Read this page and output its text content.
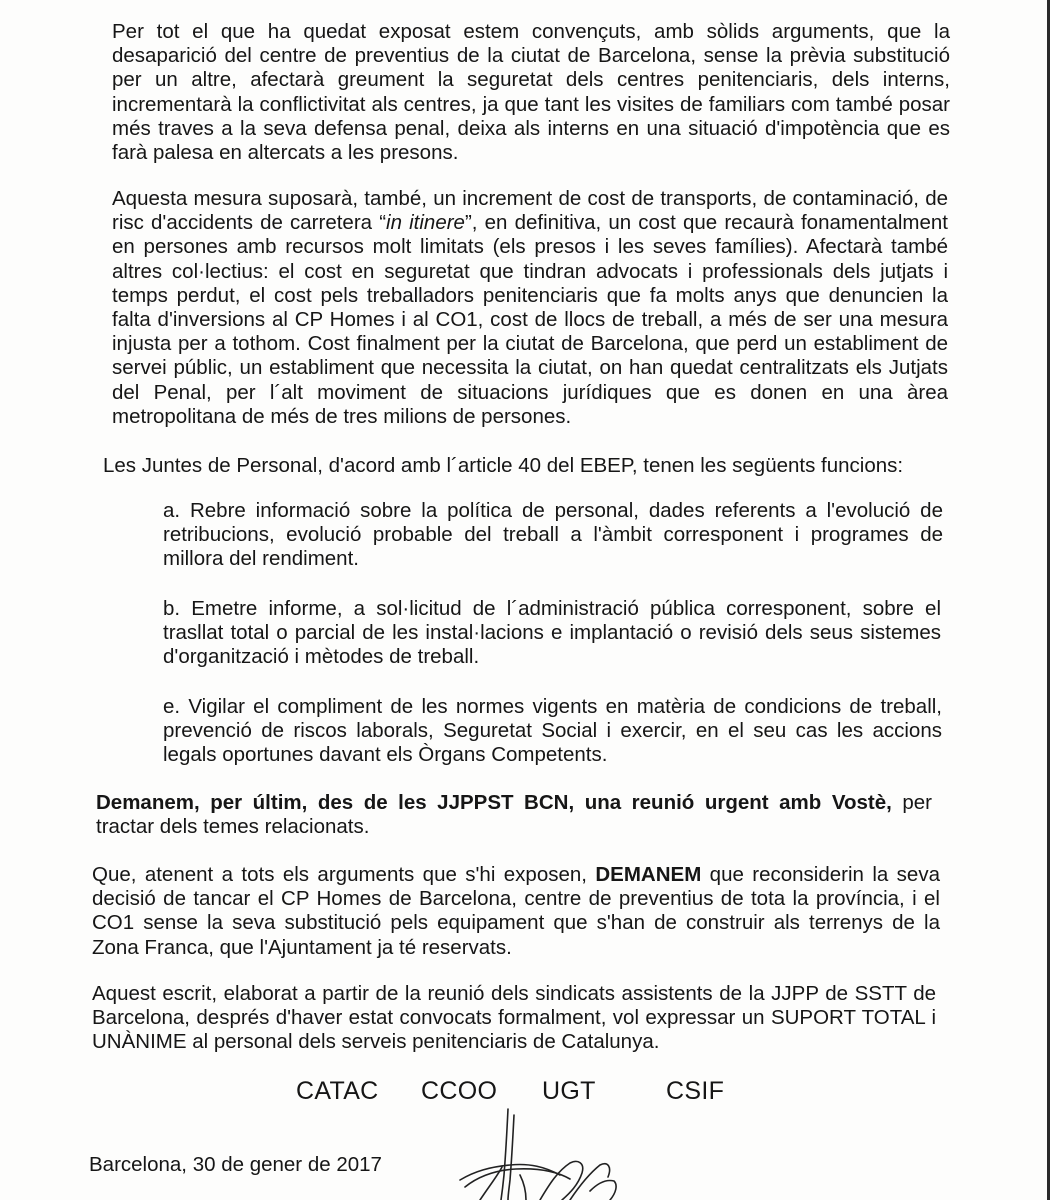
Per tot el que ha quedat exposat estem convençuts, amb sòlids arguments, que la desaparició del centre de preventius de la ciutat de Barcelona, sense la prèvia substitució per un altre, afectarà greument la seguretat dels centres penitenciaris, dels interns, incrementarà la conflictivitat als centres, ja que tant les visites de familiars com també posar més traves a la seva defensa penal, deixa als interns en una situació d'impotència que es farà palesa en altercats a les presons.
Aquesta mesura suposarà, també, un increment de cost de transports, de contaminació, de risc d'accidents de carretera “in itinere”, en definitiva, un cost que recaurà fonamentalment en persones amb recursos molt limitats (els presos i les seves famílies). Afectarà també altres col·lectius: el cost en seguretat que tindran advocats i professionals dels jutjats i temps perdut, el cost pels treballadors penitenciaris que fa molts anys que denuncien la falta d'inversions al CP Homes i al CO1, cost de llocs de treball, a més de ser una mesura injusta per a tothom. Cost finalment per la ciutat de Barcelona, que perd un establiment de servei públic, un establiment que necessita la ciutat, on han quedat centralitzats els Jutjats del Penal, per l´alt moviment de situacions jurídiques que es donen en una àrea metropolitana de més de tres milions de persones.
Les Juntes de Personal, d'acord amb l´article 40 del EBEP, tenen les següents funcions:
a. Rebre informació sobre la política de personal, dades referents a l'evolució de retribucions, evolució probable del treball a l'àmbit corresponent i programes de millora del rendiment.
b. Emetre informe, a sol·licitud de l´administració pública corresponent, sobre el trasllat total o parcial de les instal·lacions e implantació o revisió dels seus sistemes d'organització i mètodes de treball.
e. Vigilar el compliment de les normes vigents en matèria de condicions de treball, prevenció de riscos laborals, Seguretat Social i exercir, en el seu cas les accions legals oportunes davant els Òrgans Competents.
Demanem, per últim, des de les JJPPST BCN, una reunió urgent amb Vostè, per tractar dels temes relacionats.
Que, atenent a tots els arguments que s'hi exposen, DEMANEM que reconsiderin la seva decisió de tancar el CP Homes de Barcelona, centre de preventius de tota la província, i el CO1 sense la seva substitució pels equipament que s'han de construir als terrenys de la Zona Franca, que l'Ajuntament ja té reservats.
Aquest escrit, elaborat a partir de la reunió dels sindicats assistents de la JJPP de SSTT de Barcelona, després d'haver estat convocats formalment, vol expressar un SUPORT TOTAL i UNÀNIME al personal dels serveis penitenciaris de Catalunya.
CATAC CCOO UGT	CSIF
Barcelona, 30 de gener de 2017
